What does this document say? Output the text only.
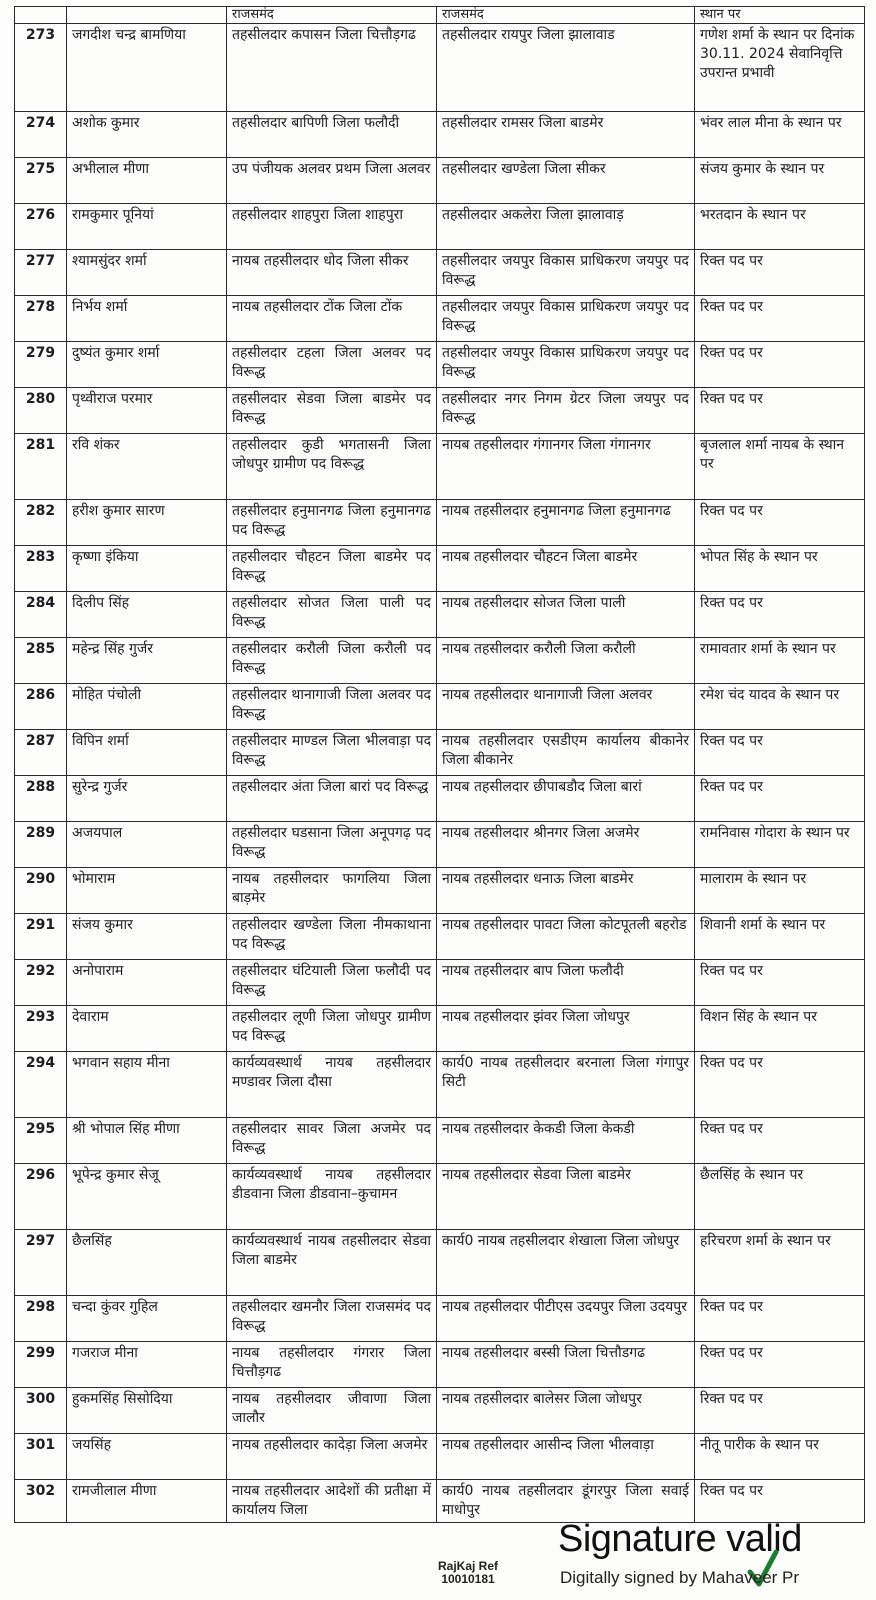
		राजसमंद	राजसमंद	स्थान पर
273	जगदीश चन्द्र बामणिया	तहसीलदार कपासन जिला चित्तौड़गढ	तहसीलदार रायपुर जिला झालावाड	गणेश शर्मा के स्थान पर दिनांक 30.11. 2024 सेवानिवृत्ति उपरान्त प्रभावी
274	अशोक कुमार	तहसीलदार बापिणी जिला फलौदी	तहसीलदार रामसर जिला बाडमेर	भंवर लाल मीना के स्थान पर
275	अभीलाल मीणा	उप पंजीयक अलवर प्रथम जिला अलवर	तहसीलदार खण्डेला जिला सीकर	संजय कुमार के स्थान पर
276	रामकुमार पूनियां	तहसीलदार शाहपुरा जिला शाहपुरा	तहसीलदार अकलेरा जिला झालावाड़	भरतदान के स्थान पर
277	श्यामसुंदर शर्मा	नायब तहसीलदार धोद जिला सीकर	तहसीलदार जयपुर विकास प्राधिकरण जयपुर पद विरूद्ध	रिक्त पद पर
278	निर्भय शर्मा	नायब तहसीलदार टोंक जिला टोंक	तहसीलदार जयपुर विकास प्राधिकरण जयपुर पद विरूद्ध	रिक्त पद पर
279	दुष्यंत कुमार शर्मा	तहसीलदार टहला जिला अलवर पद विरूद्ध	तहसीलदार जयपुर विकास प्राधिकरण जयपुर पद विरूद्ध	रिक्त पद पर
280	पृथ्वीराज परमार	तहसीलदार सेडवा जिला बाडमेर पद विरूद्ध	तहसीलदार नगर निगम ग्रेटर जिला जयपुर पद विरूद्ध	रिक्त पद पर
281	रवि शंकर	तहसीलदार कुडी भगतासनी जिला जोधपुर ग्रामीण पद विरूद्ध	नायब तहसीलदार गंगानगर जिला गंगानगर	बृजलाल शर्मा नायब के स्थान पर
282	हरीश कुमार सारण	तहसीलदार हनुमानगढ जिला हनुमानगढ पद विरूद्ध	नायब तहसीलदार हनुमानगढ जिला हनुमानगढ	रिक्त पद पर
283	कृष्णा इंकिया	तहसीलदार चौहटन जिला बाडमेर पद विरूद्ध	नायब तहसीलदार चौहटन जिला बाडमेर	भोपत सिंह के स्थान पर
284	दिलीप सिंह	तहसीलदार सोजत जिला पाली पद विरूद्ध	नायब तहसीलदार सोजत जिला पाली	रिक्त पद पर
285	महेन्द्र सिंह गुर्जर	तहसीलदार करौली जिला करौली पद विरूद्ध	नायब तहसीलदार करौली जिला करौली	रामावतार शर्मा के स्थान पर
286	मोहित पंचोली	तहसीलदार थानागाजी जिला अलवर पद विरूद्ध	नायब तहसीलदार थानागाजी जिला अलवर	रमेश चंद यादव के स्थान पर
287	विपिन शर्मा	तहसीलदार माण्डल जिला भीलवाड़ा पद विरूद्ध	नायब तहसीलदार एसडीएम कार्यालय बीकानेर जिला बीकानेर	रिक्त पद पर
288	सुरेन्द्र गुर्जर	तहसीलदार अंता जिला बारां पद विरूद्ध	नायब तहसीलदार छीपाबडौद जिला बारां	रिक्त पद पर
289	अजयपाल	तहसीलदार घडसाना जिला अनूपगढ़ पद विरूद्ध	नायब तहसीलदार श्रीनगर जिला अजमेर	रामनिवास गोदारा के स्थान पर
290	भोमाराम	नायब तहसीलदार फागलिया जिला बाड़मेर	नायब तहसीलदार धनाऊ जिला बाडमेर	मालाराम के स्थान पर
291	संजय कुमार	तहसीलदार खण्डेला जिला नीमकाथाना पद विरूद्ध	नायब तहसीलदार पावटा जिला कोटपूतली बहरोड	शिवानी शर्मा के स्थान पर
292	अनोपाराम	तहसीलदार घंटियाली जिला फलौदी पद विरूद्ध	नायब तहसीलदार बाप जिला फलौदी	रिक्त पद पर
293	देवाराम	तहसीलदार लूणी जिला जोधपुर ग्रामीण पद विरूद्ध	नायब तहसीलदार झंवर जिला जोधपुर	विशन सिंह के स्थान पर
294	भगवान सहाय मीना	कार्यव्यवस्थार्थ नायब तहसीलदार मण्डावर जिला दौसा	कार्य0 नायब तहसीलदार बरनाला जिला गंगापुर सिटी	रिक्त पद पर
295	श्री भोपाल सिंह मीणा	तहसीलदार सावर जिला अजमेर पद विरूद्ध	नायब तहसीलदार केकडी जिला केकडी	रिक्त पद पर
296	भूपेन्द्र कुमार सेजू	कार्यव्यवस्थार्थ नायब तहसीलदार डीडवाना जिला डीडवाना–कुचामन	नायब तहसीलदार सेडवा जिला बाडमेर	छैलसिंह के स्थान पर
297	छैलसिंह	कार्यव्यवस्थार्थ नायब तहसीलदार सेडवा जिला बाडमेर	कार्य0 नायब तहसीलदार शेखाला जिला जोधपुर	हरिचरण शर्मा के स्थान पर
298	चन्दा कुंवर गुहिल	तहसीलदार खमनौर जिला राजसमंद पद विरूद्ध	नायब तहसीलदार पीटीएस उदयपुर जिला उदयपुर	रिक्त पद पर
299	गजराज मीना	नायब तहसीलदार गंगरार जिला चित्तौड़गढ	नायब तहसीलदार बस्सी जिला चित्तौडगढ	रिक्त पद पर
300	हुकमसिंह सिसोदिया	नायब तहसीलदार जीवाणा जिला जालौर	नायब तहसीलदार बालेसर जिला जोधपुर	रिक्त पद पर
301	जयसिंह	नायब तहसीलदार कादेड़ा जिला अजमेर	नायब तहसीलदार आसीन्द जिला भीलवाड़ा	नीतू पारीक के स्थान पर
302	रामजीलाल मीणा	नायब तहसीलदार आदेशों की प्रतीक्षा में कार्यालय जिला	कार्य0 नायब तहसीलदार डूंगरपुर जिला सवाई माधोपुर	रिक्त पद पर
RajKaj Ref
10010181
Signature valid
Digitally signed by Mahaveer Pr
